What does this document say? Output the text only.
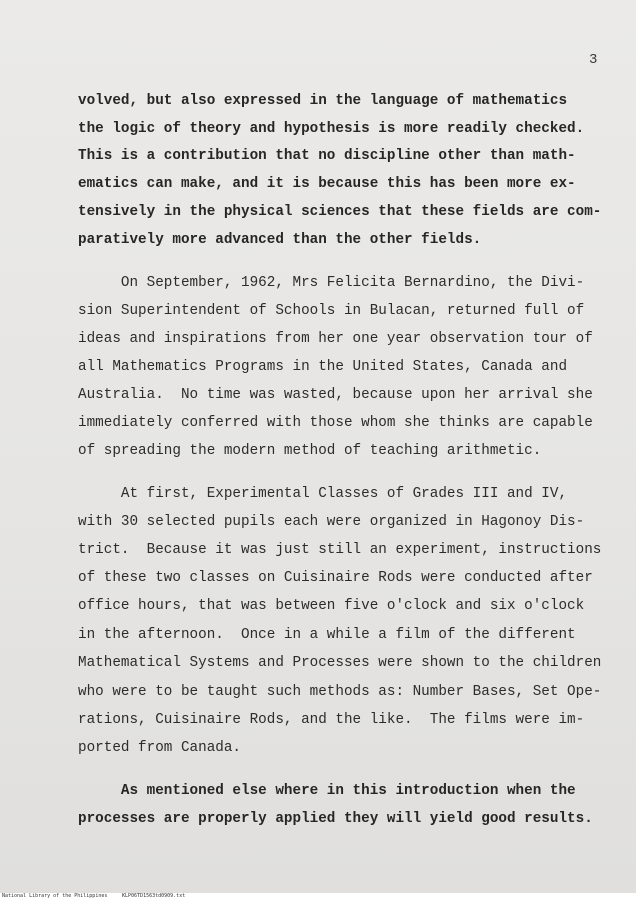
3
volved, but also expressed in the language of mathematics
the logic of theory and hypothesis is more readily checked.
This is a contribution that no discipline other than math-
ematics can make, and it is because this has been more ex-
tensively in the physical sciences that these fields are com-
paratively more advanced than the other fields.
On September, 1962, Mrs Felicita Bernardino, the Divi-
sion Superintendent of Schools in Bulacan, returned full of
ideas and inspirations from her one year observation tour of
all Mathematics Programs in the United States, Canada and
Australia.  No time was wasted, because upon her arrival she
immediately conferred with those whom she thinks are capable
of spreading the modern method of teaching arithmetic.
At first, Experimental Classes of Grades III and IV,
with 30 selected pupils each were organized in Hagonoy Dis-
trict.  Because it was just still an experiment, instructions
of these two classes on Cuisinaire Rods were conducted after
office hours, that was between five o'clock and six o'clock
in the afternoon.  Once in a while a film of the different
Mathematical Systems and Processes were shown to the children
who were to be taught such methods as: Number Bases, Set Ope-
rations, Cuisinaire Rods, and the like.  The films were im-
ported from Canada.
As mentioned else where in this introduction when the
processes are properly applied they will yield good results.
National Library of the Philippines	KLP06TD1563td0909.txt
